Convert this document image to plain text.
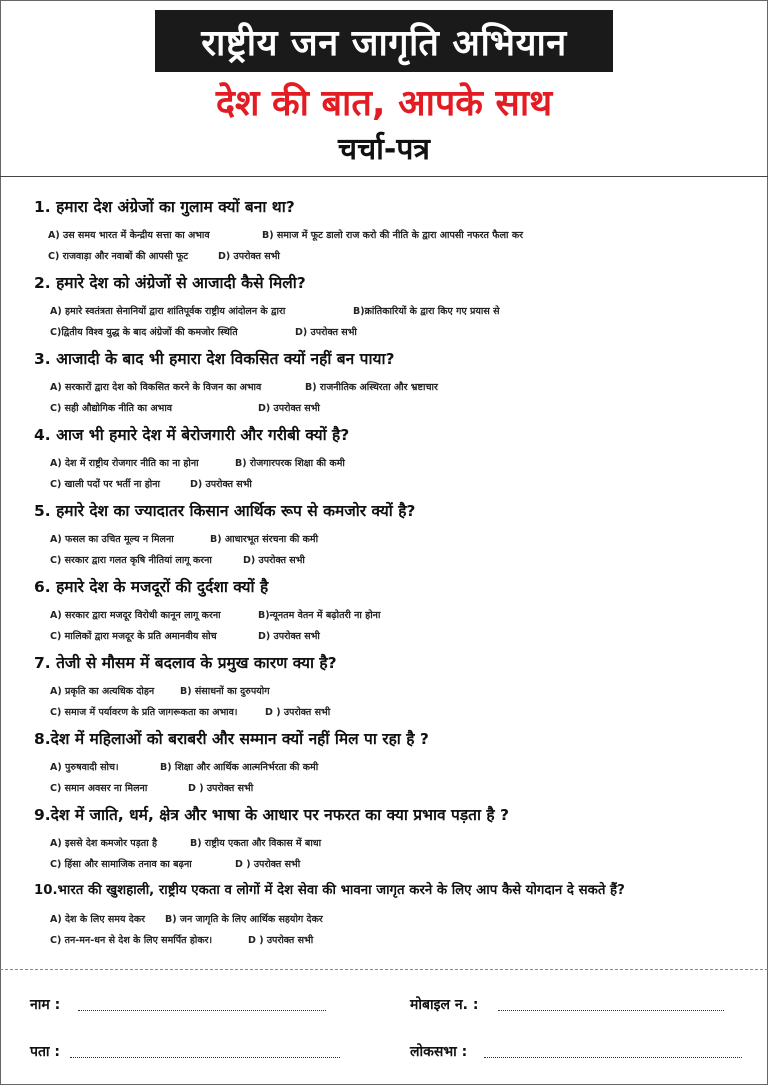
राष्ट्रीय जन जागृति अभियान
देश की बात, आपके साथ
चर्चा-पत्र
1. हमारा देश अंग्रेजों का गुलाम क्यों बना था?
A) उस समय भारत में केन्द्रीय सत्ता का अभाव	B) समाज में फूट डालो राज करो की नीति के द्वारा आपसी नफरत फैला कर
C) राजवाड़ा और नवाबों की आपसी फूट	D) उपरोक्त सभी
2. हमारे देश को अंग्रेजों से आजादी कैसे मिली?
A) हमारे स्वतंत्रता सेनानियों द्वारा शांतिपूर्वक राष्ट्रीय आंदोलन के द्वारा	B)क्रांतिकारियों के द्वारा किए गए प्रयास से
C)द्वितीय विश्व युद्ध के बाद अंग्रेजों की कमजोर स्थिति	D) उपरोक्त सभी
3. आजादी के बाद भी हमारा देश विकसित क्यों नहीं बन पाया?
A) सरकारों द्वारा देश को विकसित करने के विजन का अभाव	B) राजनीतिक अस्थिरता और भ्रष्टाचार
C) सही औद्योगिक नीति का अभाव	D) उपरोक्त सभी
4. आज भी हमारे देश में बेरोजगारी और गरीबी क्यों है?
A) देश में राष्ट्रीय रोजगार नीति का ना होना	B) रोजगारपरक शिक्षा की कमी
C) खाली पदों पर भर्ती ना होना	D) उपरोक्त सभी
5. हमारे देश का ज्यादातर किसान आर्थिक रूप से कमजोर क्यों है?
A) फसल का उचित मूल्य न मिलना	B) आधारभूत संरचना की कमी
C) सरकार द्वारा गलत कृषि नीतियां लागू करना	D) उपरोक्त सभी
6. हमारे देश के मजदूरों की दुर्दशा क्यों है
A) सरकार द्वारा मजदूर विरोधी कानून लागू करना	B)न्यूनतम वेतन में बढ़ोतरी ना होना
C) मालिकों द्वारा मजदूर के प्रति अमानवीय सोच	D) उपरोक्त सभी
7. तेजी से मौसम में बदलाव के प्रमुख कारण क्या है?
A) प्रकृति का अत्यधिक दोहन	B) संसाधनों का दुरुपयोग
C) समाज में पर्यावरण के प्रति जागरूकता का अभाव।	D ) उपरोक्त सभी
8.देश में महिलाओं को बराबरी और सम्मान क्यों नहीं मिल पा रहा है ?
A) पुरुषवादी सोच।	B) शिक्षा और आर्थिक आत्मनिर्भरता की कमी
C) समान अवसर ना मिलना	D ) उपरोक्त सभी
9.देश में जाति, धर्म, क्षेत्र और भाषा के आधार पर नफरत का क्या प्रभाव पड़ता है ?
A) इससे देश कमजोर पड़ता है	B) राष्ट्रीय एकता और विकास में बाधा
C) हिंसा और सामाजिक तनाव का बढ़ना	D ) उपरोक्त सभी
10.भारत की खुशहाली, राष्ट्रीय एकता व लोगों में देश सेवा की भावना जागृत करने के लिए आप कैसे योगदान दे सकते हैं?
A) देश के लिए समय देकर B) जन जागृति के लिए आर्थिक सहयोग देकर
C) तन-मन-धन से देश के लिए समर्पित होकर।	D ) उपरोक्त सभी
नाम :	मोबाइल न. :
पता :	लोकसभा :
